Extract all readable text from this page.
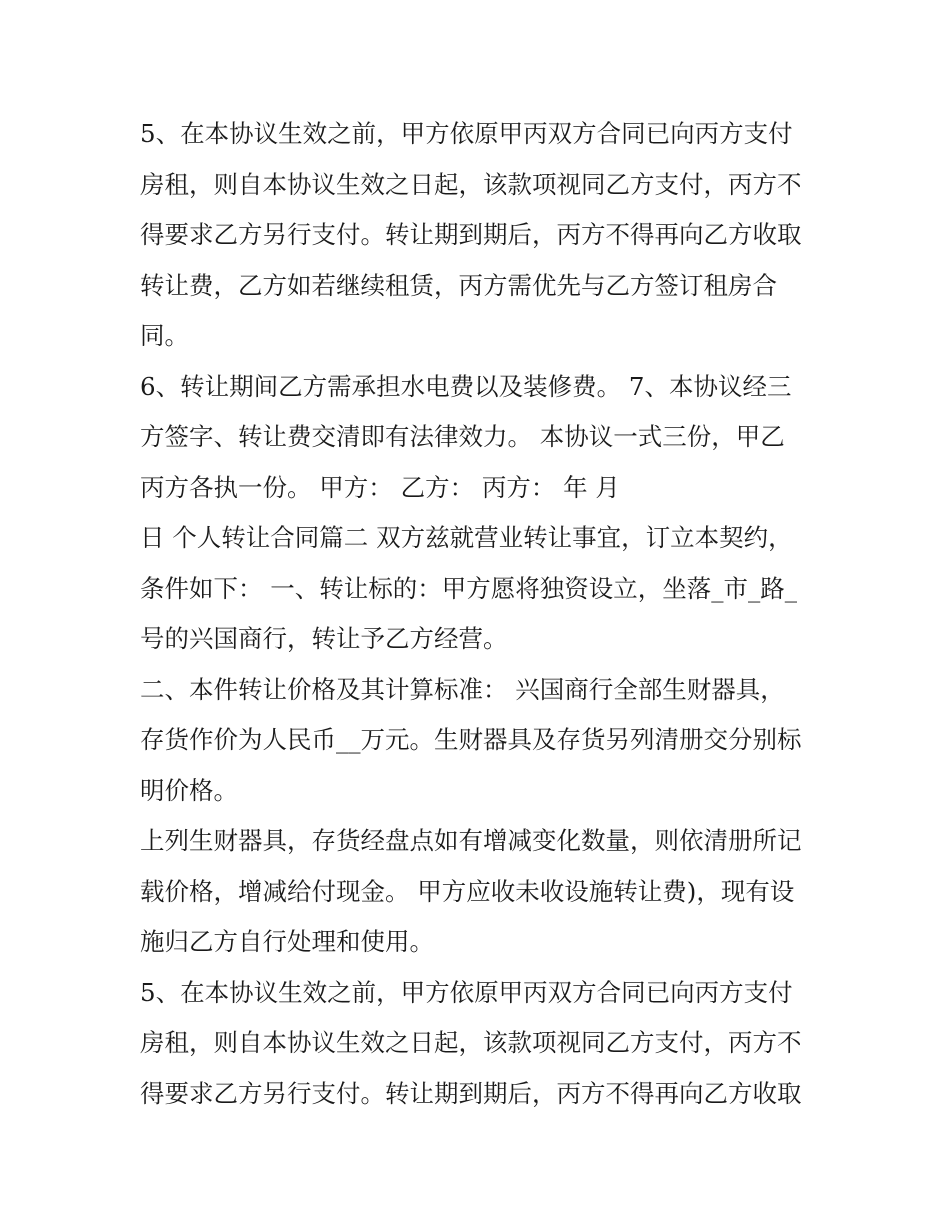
5、在本协议生效之前，甲方依原甲丙双方合同已向丙方支付
房租，则自本协议生效之日起，该款项视同乙方支付，丙方不
得要求乙方另行支付。转让期到期后，丙方不得再向乙方收取
转让费，乙方如若继续租赁，丙方需优先与乙方签订租房合
同。
6、转让期间乙方需承担水电费以及装修费。 7、本协议经三
方签字、转让费交清即有法律效力。 本协议一式三份，甲乙
丙方各执一份。 甲方： 乙方： 丙方： 年 月
日 个人转让合同篇二 双方兹就营业转让事宜，订立本契约，
条件如下： 一、转让标的：甲方愿将独资设立，坐落_市_路_
号的兴国商行，转让予乙方经营。
二、本件转让价格及其计算标准： 兴国商行全部生财器具，
存货作价为人民币__万元。生财器具及存货另列清册交分别标
明价格。
上列生财器具，存货经盘点如有增减变化数量，则依清册所记
载价格，增减给付现金。 甲方应收未收设施转让费)，现有设
施归乙方自行处理和使用。
5、在本协议生效之前，甲方依原甲丙双方合同已向丙方支付
房租，则自本协议生效之日起，该款项视同乙方支付，丙方不
得要求乙方另行支付。转让期到期后，丙方不得再向乙方收取
